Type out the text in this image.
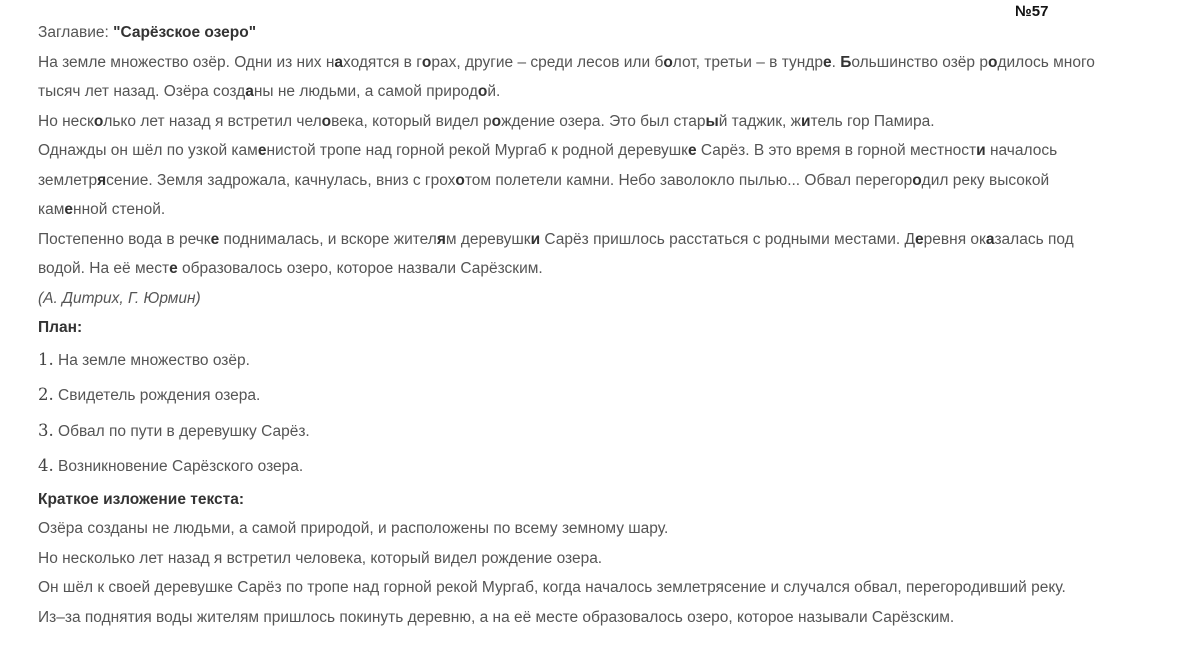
№57

Заглавие: "Сарёзское озеро"

На земле множество озёр. Одни из них находятся в горах, другие – среди лесов или болот, третьи – в тундре. Большинство озёр родилось много

тысяч лет назад. Озёра созданы не людьми, а самой природой.

Но несколько лет назад я встретил человека, который видел рождение озера. Это был старый таджик, житель гор Памира.

Однажды он шёл по узкой каменистой тропе над горной рекой Мургаб к родной деревушке Сарёз. В это время в горной местности началось

землетрясение. Земля задрожала, качнулась, вниз с грохотом полетели камни. Небо заволокло пылью... Обвал перегородил реку высокой

каменной стеной.

Постепенно вода в речке поднималась, и вскоре жителям деревушки Сарёз пришлось расстаться с родными местами. Деревня оказалась под

водой. На её месте образовалось озеро, которое назвали Сарёзским.

(А. Дитрих, Г. Юрмин)

План:

1. На земле множество озёр.

2. Свидетель рождения озера.

3. Обвал по пути в деревушку Сарёз.

4. Возникновение Сарёзского озера.

Краткое изложение текста:

Озёра созданы не людьми, а самой природой, и расположены по всему земному шару.

Но несколько лет назад я встретил человека, который видел рождение озера.

Он шёл к своей деревушке Сарёз по тропе над горной рекой Мургаб, когда началось землетрясение и случался обвал, перегородивший реку.

Из–за поднятия воды жителям пришлось покинуть деревню, а на её месте образовалось озеро, которое называли Сарёзским.
